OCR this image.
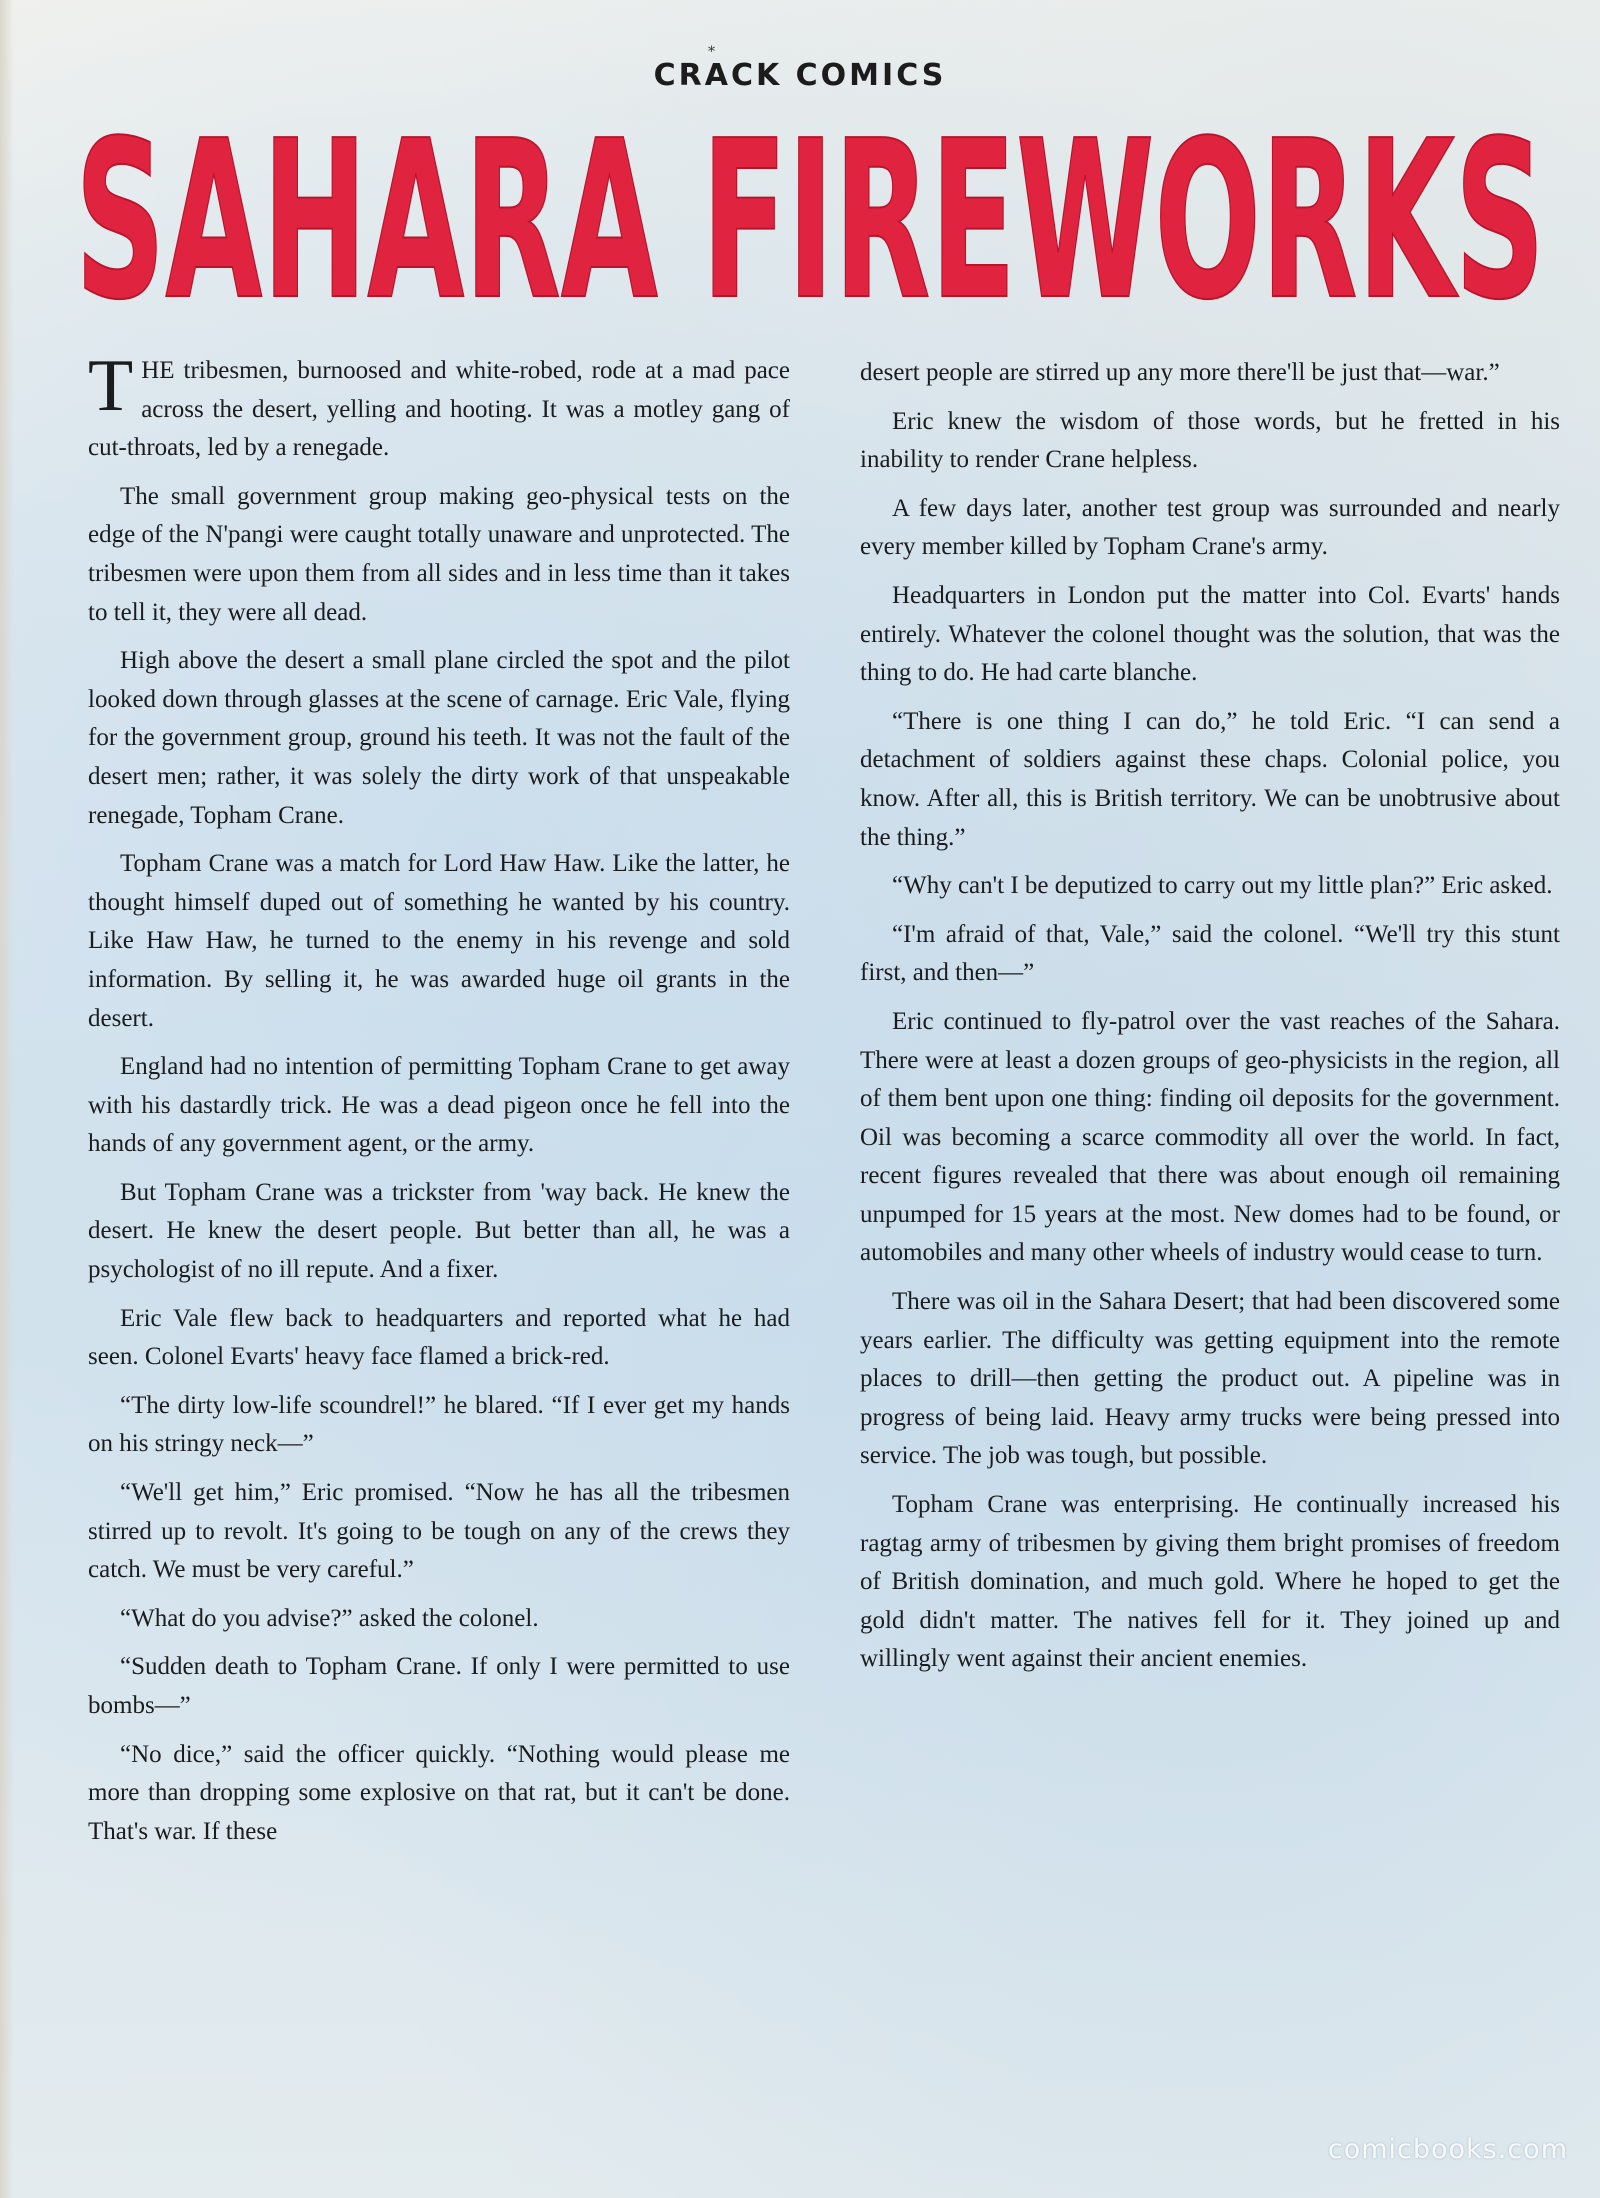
*
CRACK COMICS
SAHARA FIREWORKS

THE tribesmen, burnoosed and white-robed, rode at a mad pace across the desert, yelling and hooting. It was a motley gang of cut-throats, led by a renegade.

The small government group making geo-physical tests on the edge of the N'pangi were caught totally unaware and unprotected. The tribesmen were upon them from all sides and in less time than it takes to tell it, they were all dead.

High above the desert a small plane circled the spot and the pilot looked down through glasses at the scene of carnage. Eric Vale, flying for the government group, ground his teeth. It was not the fault of the desert men; rather, it was solely the dirty work of that unspeakable renegade, Topham Crane.

Topham Crane was a match for Lord Haw Haw. Like the latter, he thought himself duped out of something he wanted by his country. Like Haw Haw, he turned to the enemy in his revenge and sold information. By selling it, he was awarded huge oil grants in the desert.

England had no intention of permitting Topham Crane to get away with his dastardly trick. He was a dead pigeon once he fell into the hands of any government agent, or the army.

But Topham Crane was a trickster from 'way back. He knew the desert. He knew the desert people. But better than all, he was a psychologist of no ill repute. And a fixer.

Eric Vale flew back to headquarters and reported what he had seen. Colonel Evarts' heavy face flamed a brick-red.

“The dirty low-life scoundrel!” he blared. “If I ever get my hands on his stringy neck—”

“We'll get him,” Eric promised. “Now he has all the tribesmen stirred up to revolt. It's going to be tough on any of the crews they catch. We must be very careful.”

“What do you advise?” asked the colonel.

“Sudden death to Topham Crane. If only I were permitted to use bombs—”

“No dice,” said the officer quickly. “Nothing would please me more than dropping some explosive on that rat, but it can't be done. That's war. If these

desert people are stirred up any more there'll be just that—war.”

Eric knew the wisdom of those words, but he fretted in his inability to render Crane helpless.

A few days later, another test group was surrounded and nearly every member killed by Topham Crane's army.

Headquarters in London put the matter into Col. Evarts' hands entirely. Whatever the colonel thought was the solution, that was the thing to do. He had carte blanche.

“There is one thing I can do,” he told Eric. “I can send a detachment of soldiers against these chaps. Colonial police, you know. After all, this is British territory. We can be unobtrusive about the thing.”

“Why can't I be deputized to carry out my little plan?” Eric asked.

“I'm afraid of that, Vale,” said the colonel. “We'll try this stunt first, and then—”

Eric continued to fly-patrol over the vast reaches of the Sahara. There were at least a dozen groups of geo-physicists in the region, all of them bent upon one thing: finding oil deposits for the government. Oil was becoming a scarce commodity all over the world. In fact, recent figures revealed that there was about enough oil remaining unpumped for 15 years at the most. New domes had to be found, or automobiles and many other wheels of industry would cease to turn.

There was oil in the Sahara Desert; that had been discovered some years earlier. The difficulty was getting equipment into the remote places to drill—then getting the product out. A pipeline was in progress of being laid. Heavy army trucks were being pressed into service. The job was tough, but possible.

Topham Crane was enterprising. He continually increased his ragtag army of tribesmen by giving them bright promises of freedom of British domination, and much gold. Where he hoped to get the gold didn't matter. The natives fell for it. They joined up and willingly went against their ancient enemies.

comicbooks.com
